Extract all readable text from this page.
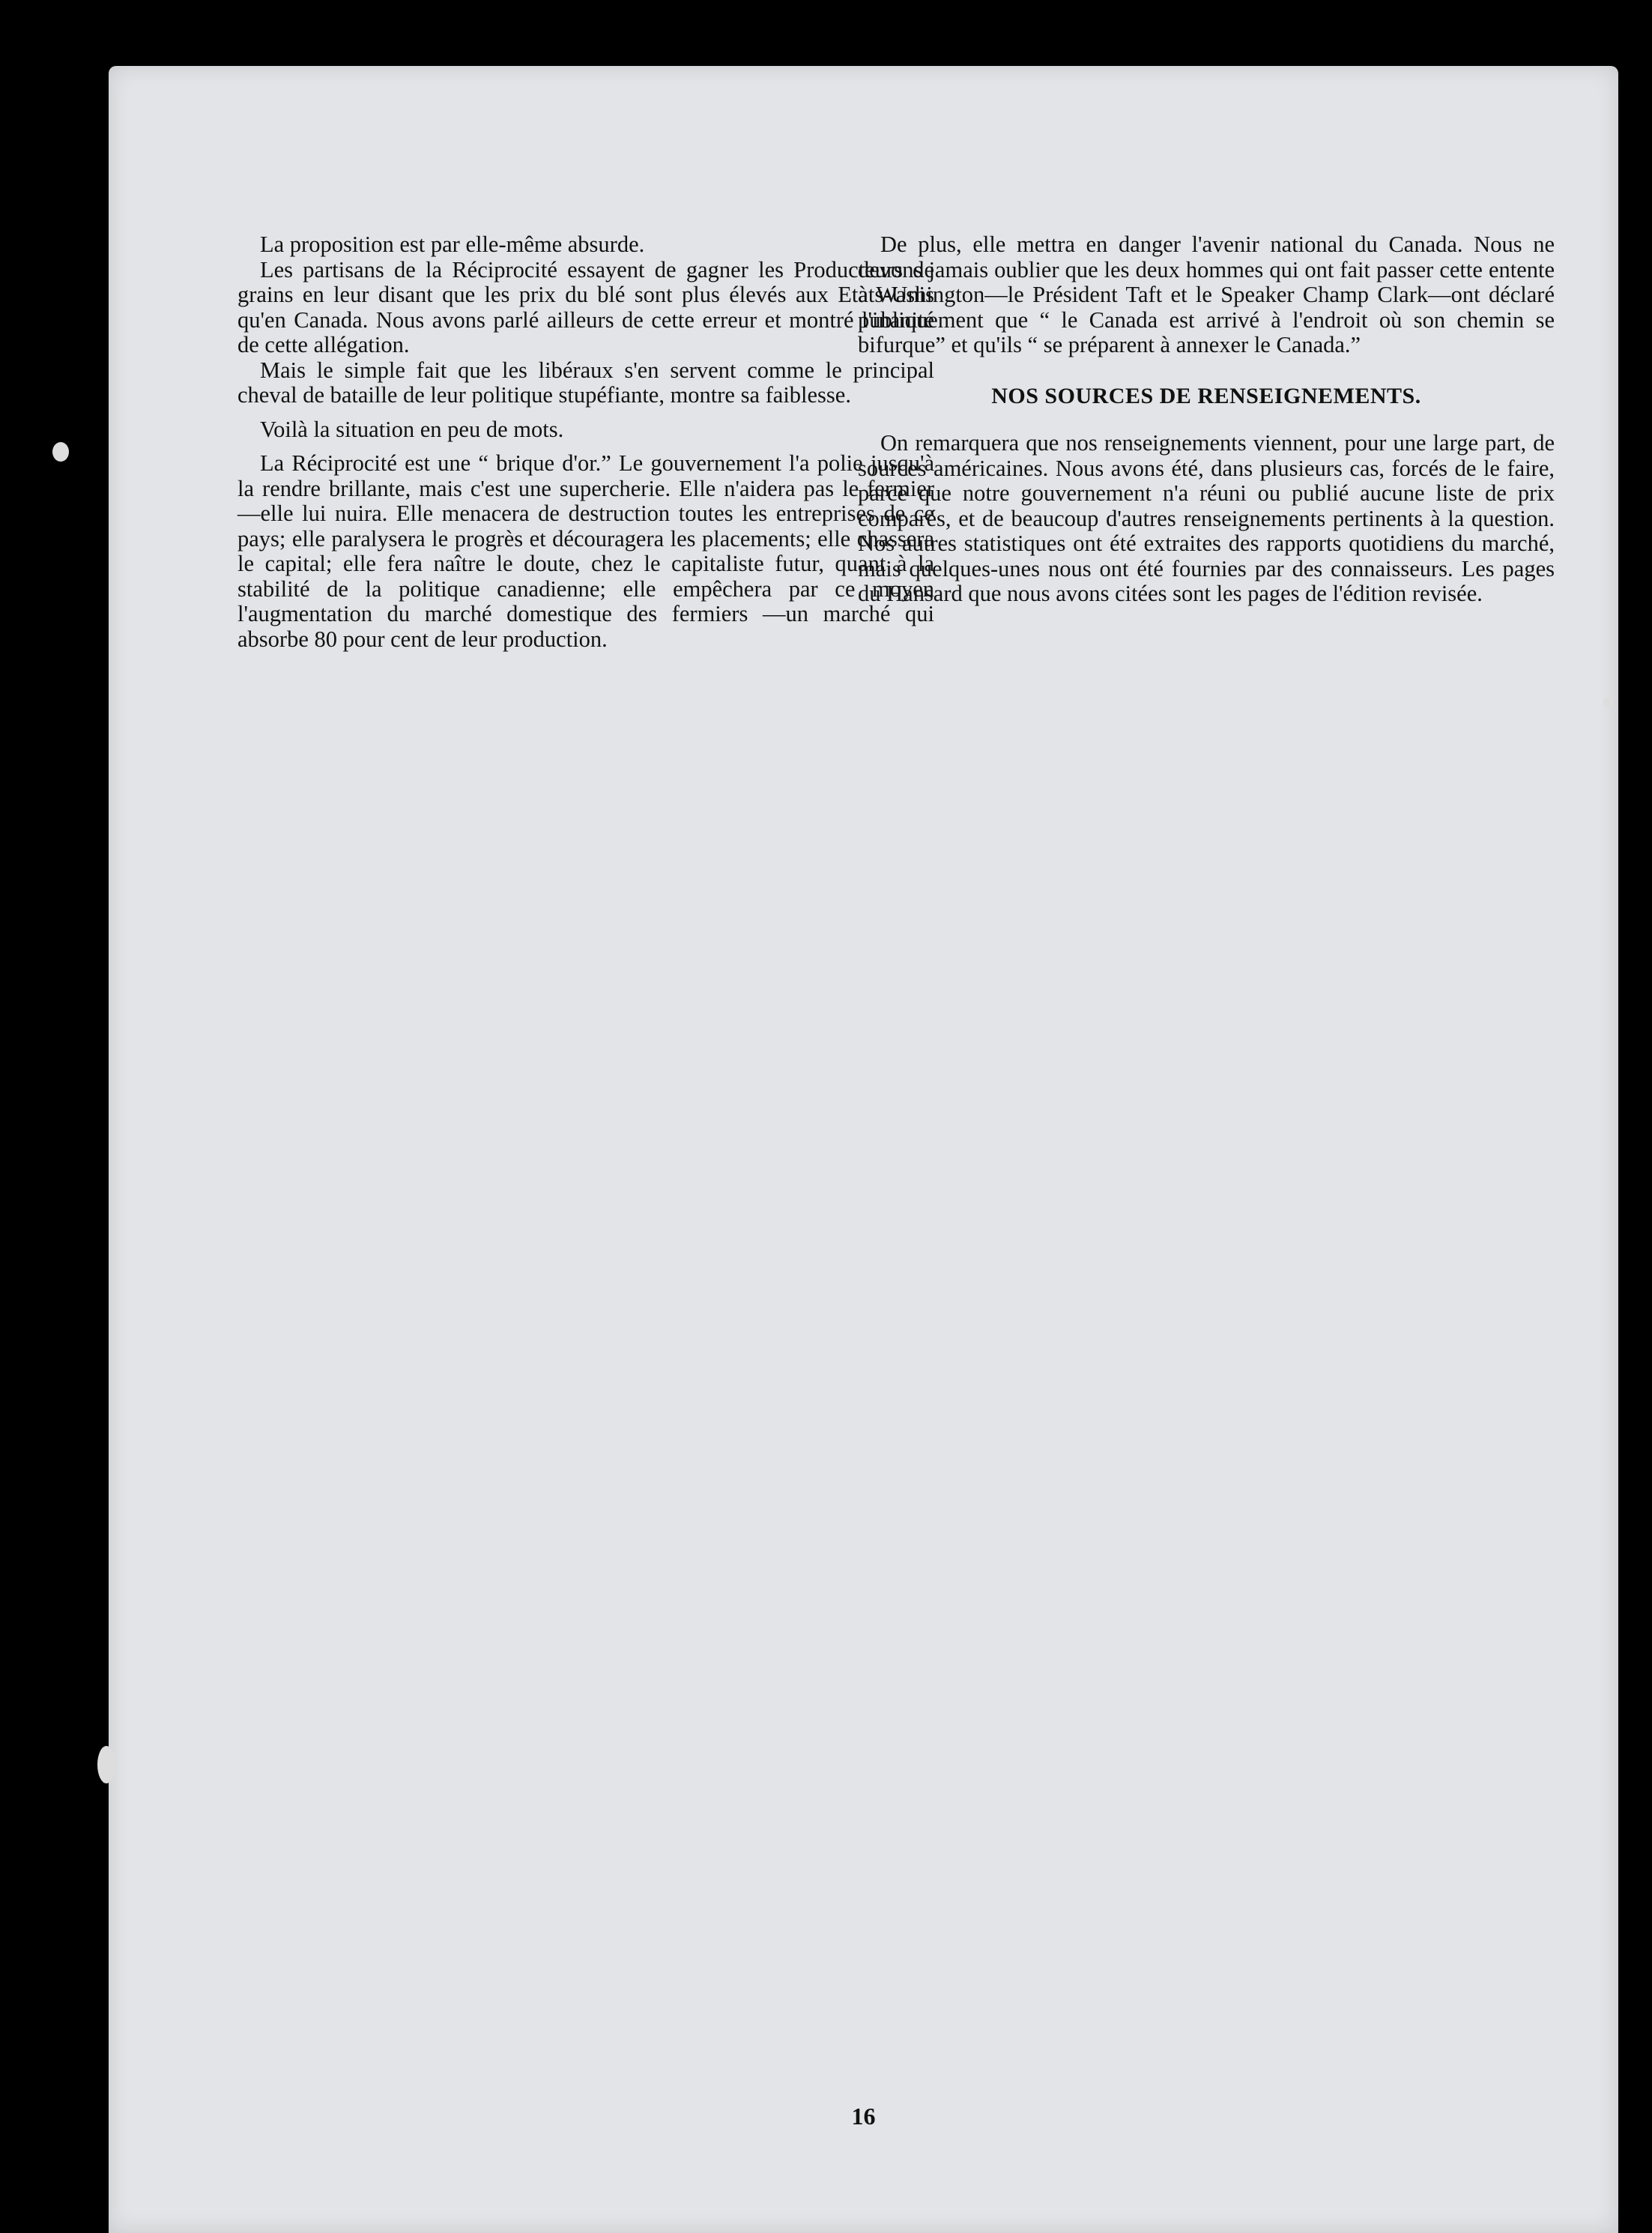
La proposition est par elle-même absurde.

Les partisans de la Réciprocité essayent de gagner les Producteurs de grains en leur disant que les prix du blé sont plus élevés aux Etats-Unis qu'en Canada. Nous avons parlé ailleurs de cette erreur et montré l'inanité de cette allégation.

Mais le simple fait que les libéraux s'en servent comme le principal cheval de bataille de leur politique stupéfiante, montre sa faiblesse.

Voilà la situation en peu de mots.

La Réciprocité est une “ brique d'or.” Le gouvernement l'a polie jusqu'à la rendre brillante, mais c'est une supercherie. Elle n'aidera pas le fermier —elle lui nuira. Elle menacera de destruction toutes les entreprises de ce pays; elle paralysera le progrès et découragera les placements; elle chassera le capital; elle fera naître le doute, chez le capitaliste futur, quant à la stabilité de la politique canadienne; elle empêchera par ce moyen l'augmentation du marché domestique des fermiers —un marché qui absorbe 80 pour cent de leur production.

De plus, elle mettra en danger l'avenir national du Canada. Nous ne devons jamais oublier que les deux hommes qui ont fait passer cette entente à Washington—le Président Taft et le Speaker Champ Clark—ont déclaré publiquement que “ le Canada est arrivé à l'endroit où son chemin se bifurque” et qu'ils “ se préparent à annexer le Canada.”

NOS SOURCES DE RENSEIGNEMENTS.

On remarquera que nos renseignements viennent, pour une large part, de sources américaines. Nous avons été, dans plusieurs cas, forcés de le faire, parce que notre gouvernement n'a réuni ou publié aucune liste de prix comparés, et de beaucoup d'autres renseignements pertinents à la question. Nos autres statistiques ont été extraites des rapports quotidiens du marché, mais quelques-unes nous ont été fournies par des connaisseurs. Les pages du Hansard que nous avons citées sont les pages de l'édition revisée.

16
